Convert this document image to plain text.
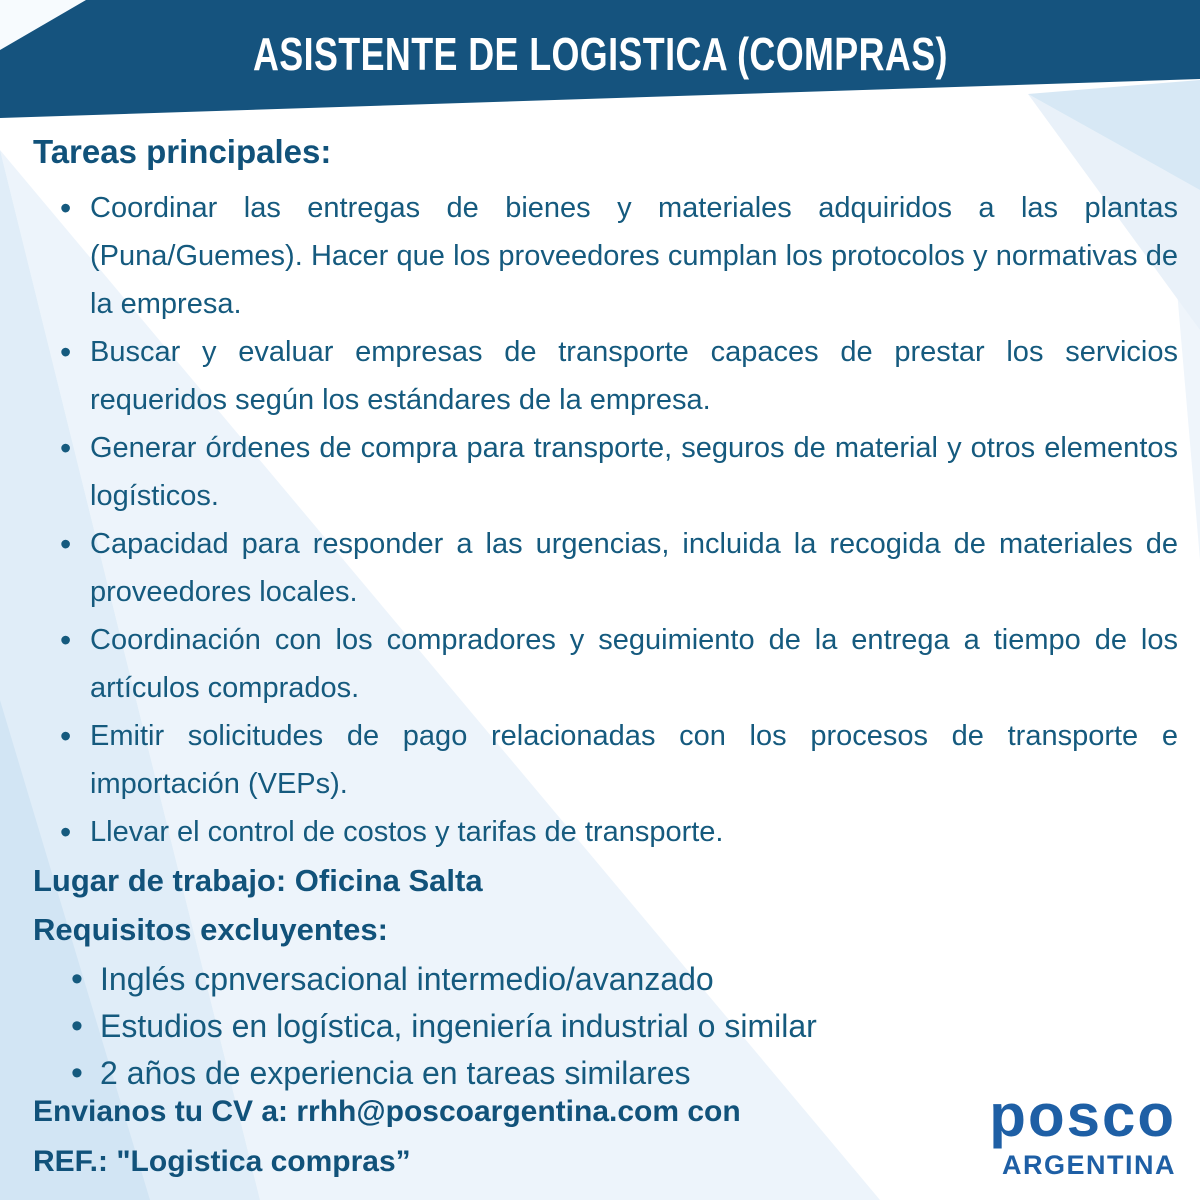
ASISTENTE DE LOGISTICA (COMPRAS)
Tareas principales:
• Coordinar las entregas de bienes y materiales adquiridos a las plantas (Puna/Guemes). Hacer que los proveedores cumplan los protocolos y normativas de la empresa.
• Buscar y evaluar empresas de transporte capaces de prestar los servicios requeridos según los estándares de la empresa.
• Generar órdenes de compra para transporte, seguros de material y otros elementos logísticos.
• Capacidad para responder a las urgencias, incluida la recogida de materiales de proveedores locales.
• Coordinación con los compradores y seguimiento de la entrega a tiempo de los artículos comprados.
• Emitir solicitudes de pago relacionadas con los procesos de transporte e importación (VEPs).
• Llevar el control de costos y tarifas de transporte.

Lugar de trabajo: Oficina Salta

Requisitos excluyentes:

• Inglés cpnversacional intermedio/avanzado
• Estudios en logística, ingeniería industrial o similar
• 2 años de experiencia en tareas similares
Envianos tu CV a: rrhh@poscoargentina.com con
REF.: "Logistica compras”
posco
ARGENTINA
